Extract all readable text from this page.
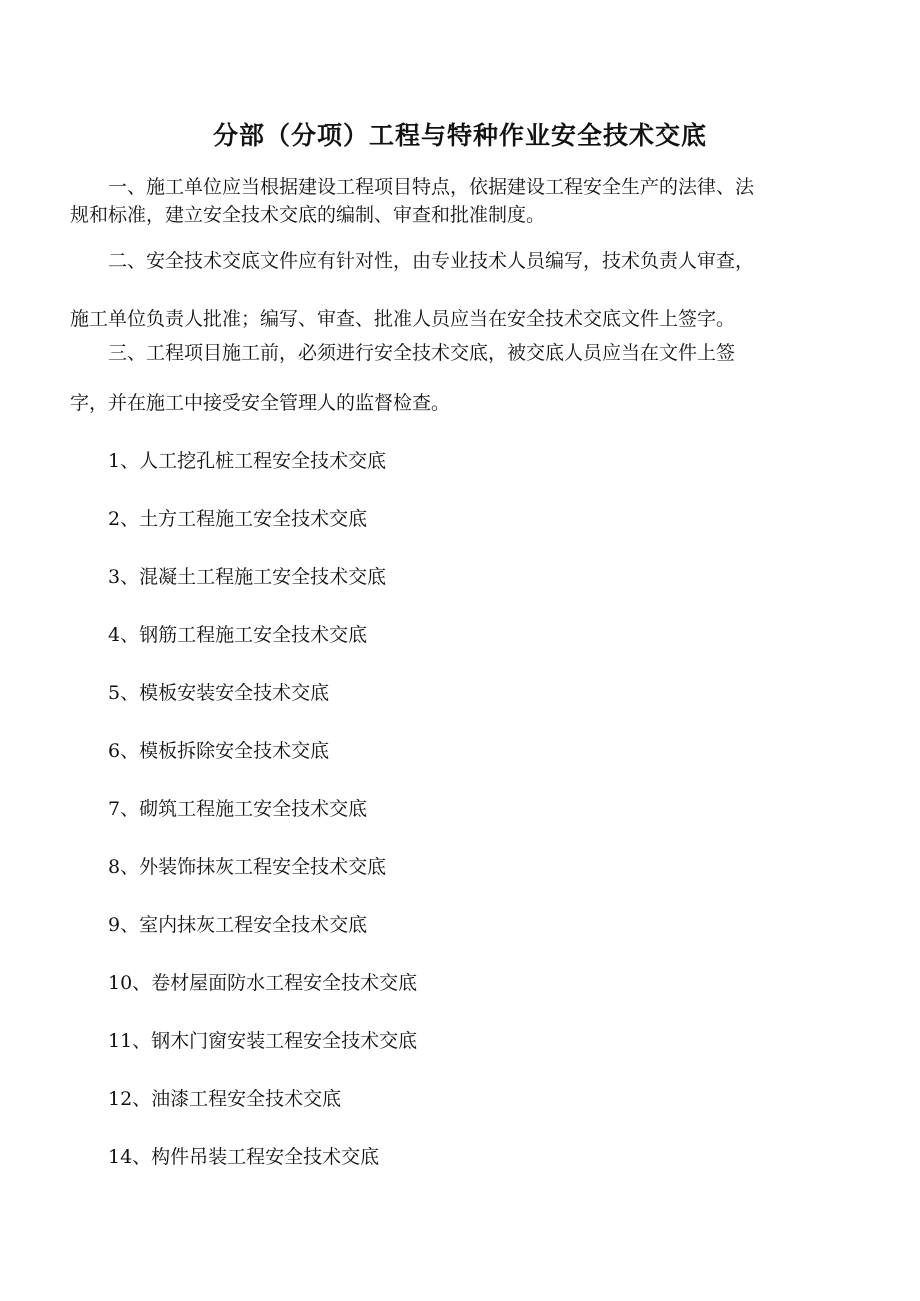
分部（分项）工程与特种作业安全技术交底

一、施工单位应当根据建设工程项目特点，依据建设工程安全生产的法律、法
规和标准，建立安全技术交底的编制、审查和批准制度。

二、安全技术交底文件应有针对性，由专业技术人员编写，技术负责人审查，
施工单位负责人批准；编写、审查、批准人员应当在安全技术交底文件上签字。

三、工程项目施工前，必须进行安全技术交底，被交底人员应当在文件上签
字，并在施工中接受安全管理人的监督检查。

1、人工挖孔桩工程安全技术交底
2、土方工程施工安全技术交底
3、混凝土工程施工安全技术交底
4、钢筋工程施工安全技术交底
5、模板安装安全技术交底
6、模板拆除安全技术交底
7、砌筑工程施工安全技术交底
8、外装饰抹灰工程安全技术交底
9、室内抹灰工程安全技术交底
10、卷材屋面防水工程安全技术交底
11、钢木门窗安装工程安全技术交底
12、油漆工程安全技术交底
14、构件吊装工程安全技术交底
